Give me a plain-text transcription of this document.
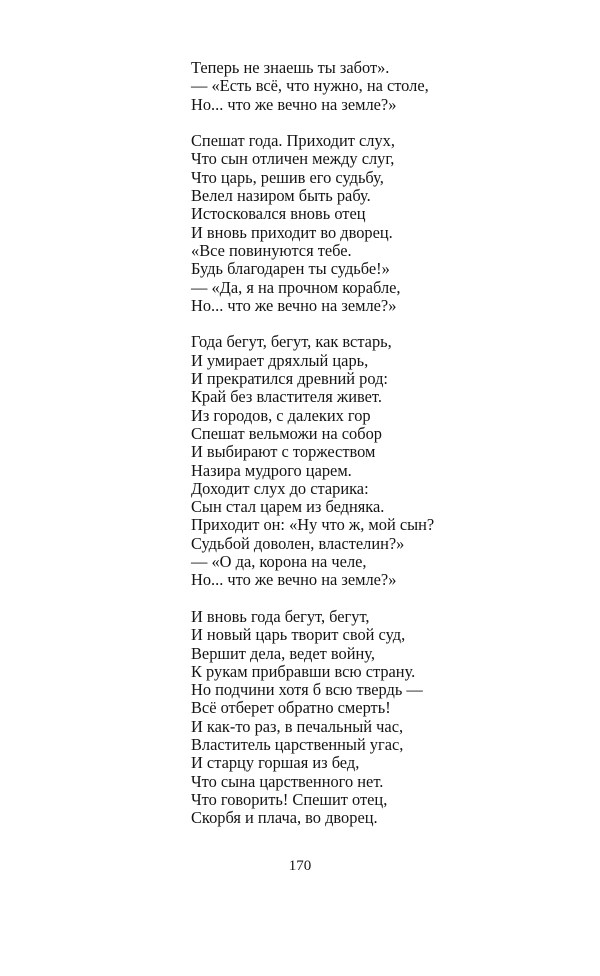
Теперь не знаешь ты забот».
— «Есть всё, что нужно, на столе,
Но... что же вечно на земле?»
Спешат года. Приходит слух,
Что сын отличен между слуг,
Что царь, решив его судьбу,
Велел назиром быть рабу.
Истосковался вновь отец
И вновь приходит во дворец.
«Все повинуются тебе.
Будь благодарен ты судьбе!»
— «Да, я на прочном корабле,
Но... что же вечно на земле?»
Года бегут, бегут, как встарь,
И умирает дряхлый царь,
И прекратился древний род:
Край без властителя живет.
Из городов, с далеких гор
Спешат вельможи на собор
И выбирают с торжеством
Назира мудрого царем.
Доходит слух до старика:
Сын стал царем из бедняка.
Приходит он: «Ну что ж, мой сын?
Судьбой доволен, властелин?»
— «О да, корона на челе,
Но... что же вечно на земле?»
И вновь года бегут, бегут,
И новый царь творит свой суд,
Вершит дела, ведет войну,
К рукам прибравши всю страну.
Но подчини хотя б всю твердь —
Всё отберет обратно смерть!
И как-то раз, в печальный час,
Властитель царственный угас,
И старцу горшая из бед,
Что сына царственного нет.
Что говорить! Спешит отец,
Скорбя и плача, во дворец.
170
